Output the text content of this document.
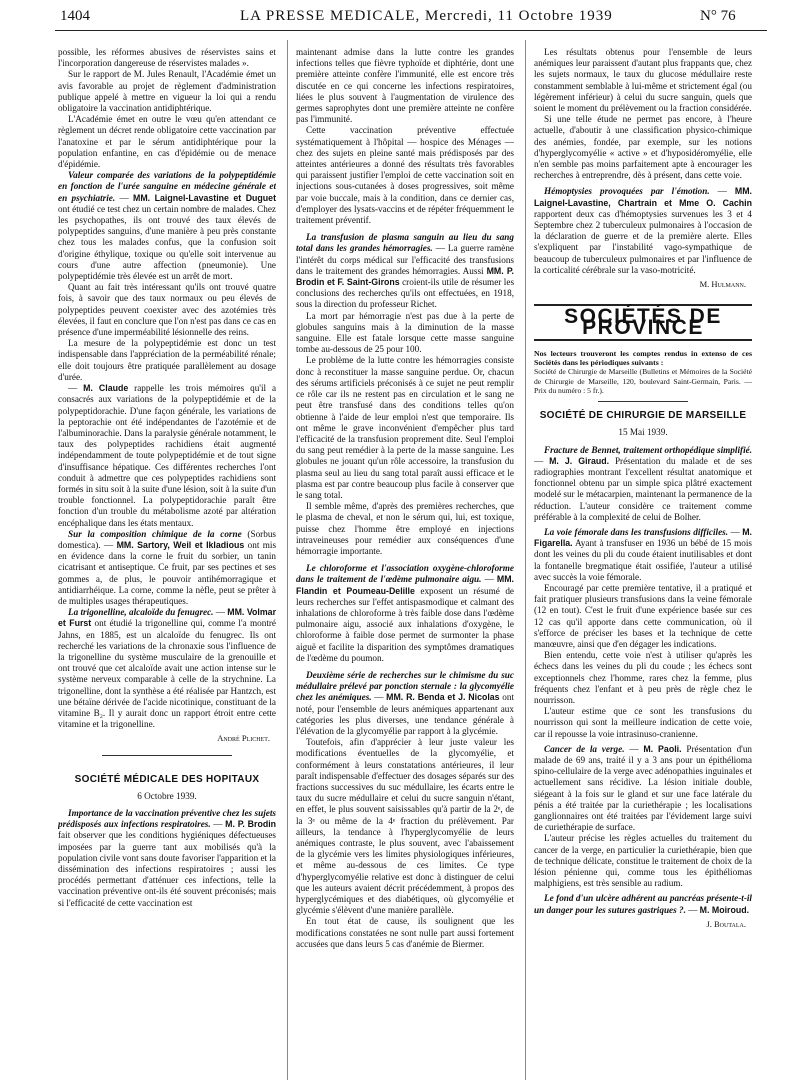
1404	LA PRESSE MEDICALE, Mercredi, 11 Octobre 1939	N° 76

possible, les réformes abusives de réservistes sains et l'incorporation dangereuse de réservistes malades ».

Sur le rapport de M. Jules Renault, l'Académie émet un avis favorable au projet de règlement d'administration publique appelé à mettre en vigueur la loi qui a rendu obligatoire la vaccination antidiphtérique.

L'Académie émet en outre le vœu qu'en attendant ce règlement un décret rende obligatoire cette vaccination par l'anatoxine et par le sérum antidiphtérique pour la population enfantine, en cas d'épidémie ou de menace d'épidémie.

Valeur comparée des variations de la polypeptidémie en fonction de l'urée sanguine en médecine générale et en psychiatrie. — MM. Laignel-Lavastine et Duguet ont étudié ce test chez un certain nombre de malades. Chez les psychopathes, ils ont trouvé des taux élevés de polypeptides sanguins, d'une manière à peu près constante chez tous les malades confus, que la confusion soit d'origine éthylique, toxique ou qu'elle soit intervenue au cours d'une autre affection (pneumonie). Une polypeptidémie très élevée est un arrêt de mort.

Quant au fait très intéressant qu'ils ont trouvé quatre fois, à savoir que des taux normaux ou peu élevés de polypeptides peuvent coexister avec des azotémies très élevées, il faut en conclure que l'on n'est pas dans ce cas en présence d'une imperméabilité lésionnelle des reins.

La mesure de la polypeptidémie est donc un test indispensable dans l'appréciation de la perméabilité rénale; elle doit toujours être pratiquée parallèlement au dosage d'urée.

— M. Claude rappelle les trois mémoires qu'il a consacrés aux variations de la polypeptidémie et de la polypeptidorachie. D'une façon générale, les variations de la peptorachie ont été indépendantes de l'azotémie et de l'albuminorachie. Dans la paralysie générale notamment, le taux des polypeptides rachidiens était augmenté indépendamment de toute polypeptidémie et de tout signe d'insuffisance hépatique. Ces différentes recherches l'ont conduit à admettre que ces polypeptides rachidiens sont formés in situ soit à la suite d'une lésion, soit à la suite d'un trouble fonctionnel. La polypeptidorachie paraît être fonction d'un trouble du métabolisme azoté par altération encéphalique dans les états mentaux.

Sur la composition chimique de la corne (Sorbus domestica). — MM. Sartory, Weil et Ikladious ont mis en évidence dans la corne le fruit du sorbier, un tanin cicatrisant et antiseptique. Ce fruit, par ses pectines et ses gommes a, de plus, le pouvoir antihémorragique et antidiarrhéique. La corne, comme la nèfle, peut se prêter à de multiples usages thérapeutiques.

La trigonelline, alcaloïde du fenugrec. — MM. Volmar et Furst ont étudié la trigonelline qui, comme l'a montré Jahns, en 1885, est un alcaloïde du fenugrec. Ils ont recherché les variations de la chronaxie sous l'influence de la trigonelline du système musculaire de la grenouille et ont trouvé que cet alcaloïde avait une action intense sur le système nerveux comparable à celle de la strychnine. La trigonelline, dont la synthèse a été réalisée par Hantzch, est une bétaïne dérivée de l'acide nicotinique, constituant de la vitamine B₂. Il y aurait donc un rapport étroit entre cette vitamine et la trigonelline.

André Plichet.
SOCIÉTÉ MÉDICALE DES HOPITAUX
6 Octobre 1939.

Importance de la vaccination préventive chez les sujets prédisposés aux infections respiratoires. — M. P. Brodin fait observer que les conditions hygiéniques défectueuses imposées par la guerre tant aux mobilisés qu'à la population civile vont sans doute favoriser l'apparition et la dissémination des infections respiratoires ; aussi les procédés permettant d'atténuer ces infections, telle la vaccination préventive ont-ils été souvent préconisés; mais si l'efficacité de cette vaccination est

maintenant admise dans la lutte contre les grandes infections telles que fièvre typhoïde et diphtérie, dont une première atteinte confère l'immunité, elle est encore très discutée en ce qui concerne les infections respiratoires, liées le plus souvent à l'augmentation de virulence des germes saprophytes dont une première atteinte ne confère pas l'immunité.

Cette vaccination préventive effectuée systématiquement à l'hôpital — hospice des Ménages — chez des sujets en pleine santé mais prédisposés par des atteintes antérieures a donné des résultats très favorables qui paraissent justifier l'emploi de cette vaccination soit en injections sous-cutanées à doses progressives, soit même par voie buccale, mais à la condition, dans ce dernier cas, d'employer des lysats-vaccins et de répéter fréquemment le traitement préventif.

La transfusion de plasma sanguin au lieu du sang total dans les grandes hémorragies. — La guerre ramène l'intérêt du corps médical sur l'efficacité des transfusions dans le traitement des grandes hémorragies. Aussi MM. P. Brodin et F. Saint-Girons croient-ils utile de résumer les conclusions des recherches qu'ils ont effectuées, en 1918, sous la direction du professeur Richet.

La mort par hémorragie n'est pas due à la perte de globules sanguins mais à la diminution de la masse sanguine. Elle est fatale lorsque cette masse sanguine tombe au-dessous de 25 pour 100.

Le problème de la lutte contre les hémorragies consiste donc à reconstituer la masse sanguine perdue. Or, chacun des sérums artificiels préconisés à ce sujet ne peut remplir ce rôle car ils ne restent pas en circulation et le sang ne peut être transfusé dans des conditions telles qu'on obtienne à l'aide de leur emploi n'est que temporaire. Ils ont même le grave inconvénient d'empêcher plus tard l'efficacité de la transfusion proprement dite. Seul l'emploi du sang peut remédier à la perte de la masse sanguine. Les globules ne jouant qu'un rôle accessoire, la transfusion du plasma seul au lieu du sang total paraît aussi efficace et le plasma est par contre beaucoup plus facile à conserver que le sang total.

Il semble même, d'après des premières recherches, que le plasma de cheval, et non le sérum qui, lui, est toxique, puisse chez l'homme être employé en injections intraveineuses pour remédier aux conséquences d'une hémorragie importante.

Le chloroforme et l'association oxygène-chloroforme dans le traitement de l'œdème pulmonaire aigu. — MM. Flandin et Poumeau-Delille exposent un résumé de leurs recherches sur l'effet antispasmodique et calmant des inhalations de chloroforme à très faible dose dans l'œdème pulmonaire aigu, associé aux inhalations d'oxygène, le chloroforme à faible dose permet de surmonter la phase aiguë et facilite la disparition des symptômes dramatiques de l'œdème du poumon.

Deuxième série de recherches sur le chimisme du suc médullaire prélevé par ponction sternale : la glycomyélie chez les anémiques. — MM. R. Benda et J. Nicolas ont noté, pour l'ensemble de leurs anémiques appartenant aux catégories les plus diverses, une tendance générale à l'élévation de la glycomyélie par rapport à la glycémie.

Toutefois, afin d'apprécier à leur juste valeur les modifications éventuelles de la glycomyélie, et conformément à leurs constatations antérieures, il leur paraît indispensable d'effectuer des dosages séparés sur des fractions successives du suc médullaire, les écarts entre le taux du sucre médullaire et celui du sucre sanguin n'étant, en effet, le plus souvent saisissables qu'à partir de la 2ᵉ, de la 3ᵉ ou même de la 4ᵉ fraction du prélèvement. Par ailleurs, la tendance à l'hyperglycomyélie de leurs anémiques contraste, le plus souvent, avec l'abaissement de la glycémie vers les limites physiologiques inférieures, et même au-dessous de ces limites. Ce type d'hyperglycomyélie relative est donc à distinguer de celui que les auteurs avaient décrit précédemment, à propos des hyperglycémiques et des diabétiques, où glycomyélie et glycémie s'élèvent d'une manière parallèle.

En tout état de cause, ils soulignent que les modifications constatées ne sont nulle part aussi fortement accusées que dans leurs 5 cas d'anémie de Biermer.

Les résultats obtenus pour l'ensemble de leurs anémiques leur paraissent d'autant plus frappants que, chez les sujets normaux, le taux du glucose médullaire reste constamment semblable à lui-même et strictement égal (ou légèrement inférieur) à celui du sucre sanguin, quels que soient le moment du prélèvement ou la fraction considérée.

Si une telle étude ne permet pas encore, à l'heure actuelle, d'aboutir à une classification physico-chimique des anémies, fondée, par exemple, sur les notions d'hyperglycomyélie « active » et d'hyposidéromyélie, elle n'en semble pas moins parfaitement apte à encourager les recherches à entreprendre, dès à présent, dans cette voie.

Hémoptysies provoquées par l'émotion. — MM. Laignel-Lavastine, Chartrain et Mme O. Cachin rapportent deux cas d'hémoptysies survenues les 3 et 4 Septembre chez 2 tuberculeux pulmonaires à l'occasion de la déclaration de guerre et de la première alerte. Elles s'expliquent par l'instabilité vago-sympathique de beaucoup de tuberculeux pulmonaires et par l'influence de la corticalité cérébrale sur la vaso-motricité.

M. Hulmann.
SOCIÉTÉS DE PROVINCE
Nos lecteurs trouveront les comptes rendus in extenso de ces Sociétés dans les périodiques suivants :
Société de Chirurgie de Marseille (Bulletins et Mémoires de la Société de Chirurgie de Marseille, 120, boulevard Saint-Germain, Paris. — Prix du numéro : 5 fr.).
SOCIÉTÉ DE CHIRURGIE DE MARSEILLE
15 Mai 1939.

Fracture de Bennet, traitement orthopédique simplifié. — M. J. Giraud. Présentation du malade et de ses radiographies montrant l'excellent résultat anatomique et fonctionnel obtenu par un simple spica plâtré exactement modelé sur le métacarpien, maintenant la permanence de la réduction. L'auteur considère ce traitement comme préférable à la complexité de celui de Bolher.

La voie fémorale dans les transfusions difficiles. — M. Figarella. Ayant à transfuser en 1936 un bébé de 15 mois dont les veines du pli du coude étaient inutilisables et dont la fontanelle bregmatique était ossifiée, l'auteur a utilisé avec succès la voie fémorale.

Encouragé par cette première tentative, il a pratiqué et fait pratiquer plusieurs transfusions dans la veine fémorale (12 en tout). C'est le fruit d'une expérience basée sur ces 12 cas qu'il apporte dans cette communication, où il s'efforce de préciser les bases et la technique de cette manœuvre, ainsi que d'en dégager les indications.

Bien entendu, cette voie n'est à utiliser qu'après les échecs dans les veines du pli du coude ; les échecs sont exceptionnels chez l'homme, rares chez la femme, plus fréquents chez l'enfant et à peu près de règle chez le nourrisson.

L'auteur estime que ce sont les transfusions du nourrisson qui sont la meilleure indication de cette voie, car il repousse la voie intrasinuso-cranienne.

Cancer de la verge. — M. Paoli. Présentation d'un malade de 69 ans, traité il y a 3 ans pour un épithélioma spino-cellulaire de la verge avec adénopathies inguinales et actuellement sans récidive. La lésion initiale double, siégeant à la fois sur le gland et sur une face latérale du pénis a été traitée par la curiethérapie ; les localisations ganglionnaires ont été traitées par l'évidement large suivi de curiethérapie de surface.

L'auteur précise les règles actuelles du traitement du cancer de la verge, en particulier la curiethérapie, bien que de technique délicate, constitue le traitement de choix de la lésion pénienne qui, comme tous les épithéliomas malphigiens, est très sensible au radium.

Le fond d'un ulcère adhérent au pancréas présente-t-il un danger pour les sutures gastriques ?. — M. Moiroud.

J. Boutala.
